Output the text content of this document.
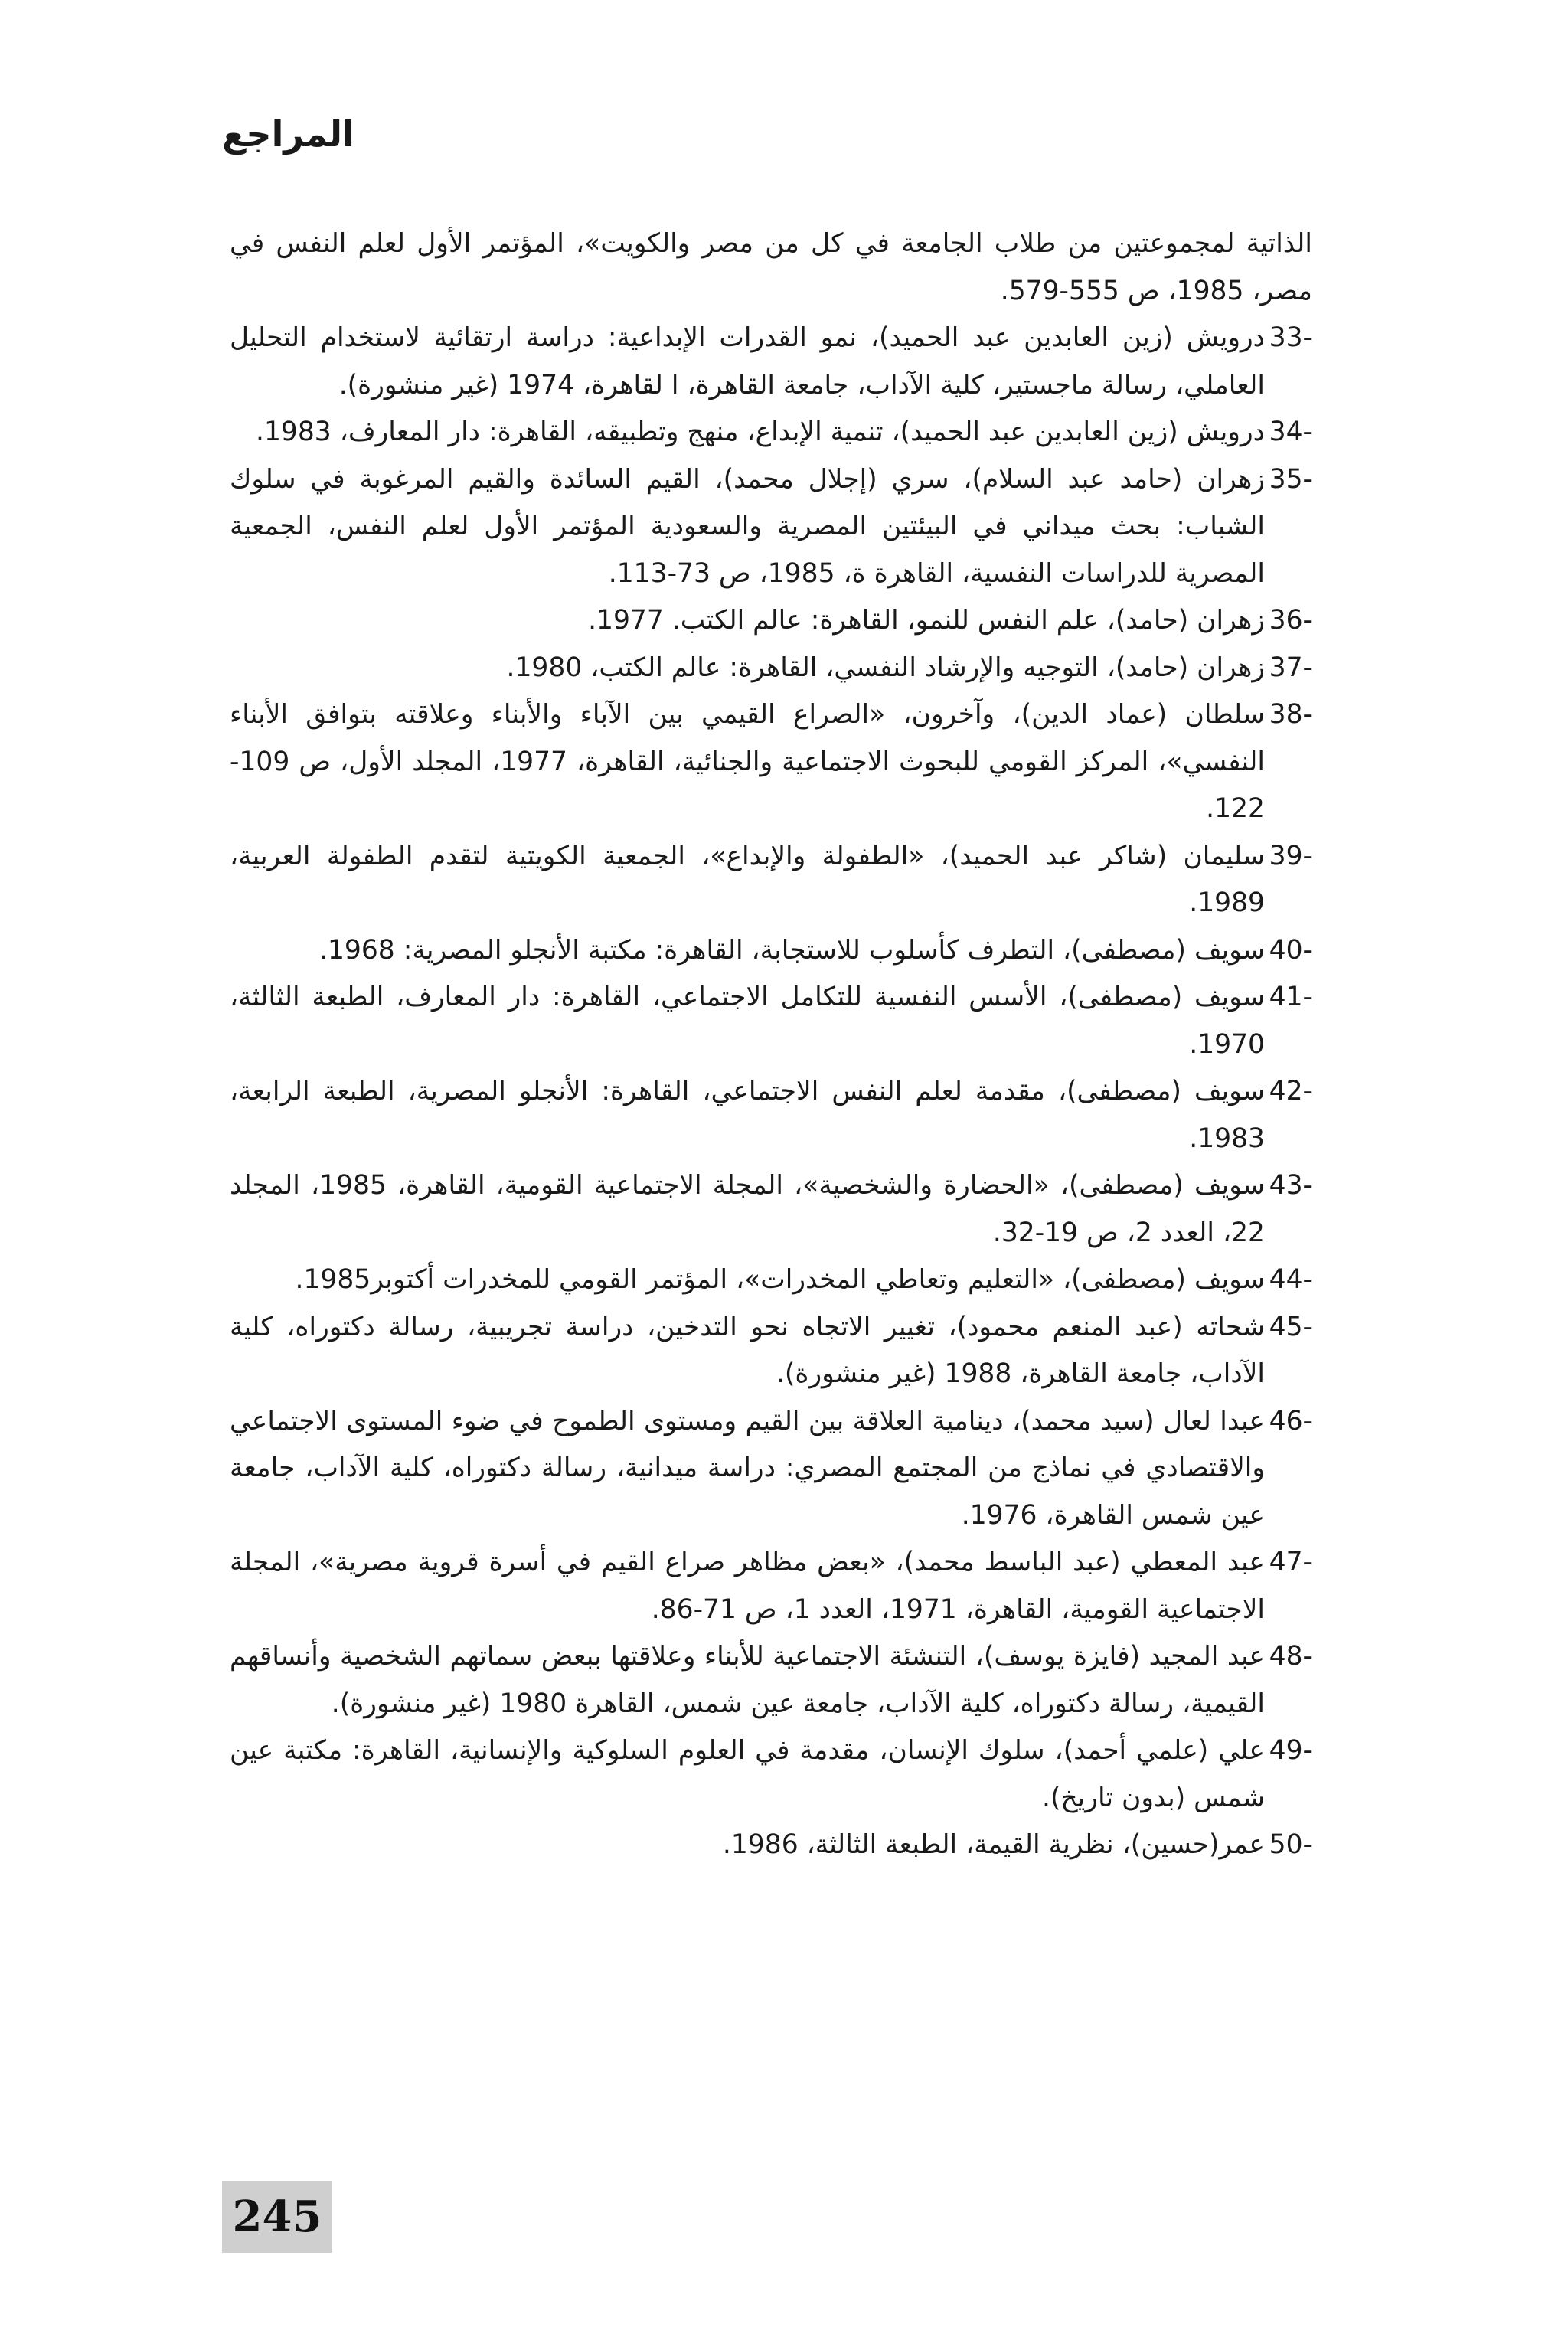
المراجع
الذاتية لمجموعتين من طلاب الجامعة في كل من مصر والكويت»، المؤتمر الأول لعلم النفس في مصر، 1985، ص 555-579.
33-
درويش (زين العابدين عبد الحميد)، نمو القدرات الإبداعية: دراسة ارتقائية لاستخدام التحليل العاملي، رسالة ماجستير، كلية الآداب، جامعة القاهرة، ا لقاهرة، 1974 (غير منشورة).
34-
درويش (زين العابدين عبد الحميد)، تنمية الإبداع، منهج وتطبيقه، القاهرة: دار المعارف، 1983.
35-
زهران (حامد عبد السلام)، سري (إجلال محمد)، القيم السائدة والقيم المرغوبة في سلوك الشباب: بحث ميداني في البيئتين المصرية والسعودية المؤتمر الأول لعلم النفس، الجمعية المصرية للدراسات النفسية، القاهرة ة، 1985، ص 73-113.
36-
زهران (حامد)، علم النفس للنمو، القاهرة: عالم الكتب. 1977.
37-
زهران (حامد)، التوجيه والإرشاد النفسي، القاهرة: عالم الكتب، 1980.
38-
سلطان (عماد الدين)، وآخرون، «الصراع القيمي بين الآباء والأبناء وعلاقته بتوافق الأبناء النفسي»، المركز القومي للبحوث الاجتماعية والجنائية، القاهرة، 1977، المجلد الأول، ص 109-122.
39-
سليمان (شاكر عبد الحميد)، «الطفولة والإبداع»، الجمعية الكويتية لتقدم الطفولة العربية، 1989.
40-
سويف (مصطفى)، التطرف كأسلوب للاستجابة، القاهرة: مكتبة الأنجلو المصرية: 1968.
41-
سويف (مصطفى)، الأسس النفسية للتكامل الاجتماعي، القاهرة: دار المعارف، الطبعة الثالثة، 1970.
42-
سويف (مصطفى)، مقدمة لعلم النفس الاجتماعي، القاهرة: الأنجلو المصرية، الطبعة الرابعة، 1983.
43-
سويف (مصطفى)، «الحضارة والشخصية»، المجلة الاجتماعية القومية، القاهرة، 1985، المجلد 22، العدد 2، ص 19-32.
44-
سويف (مصطفى)، «التعليم وتعاطي المخدرات»، المؤتمر القومي للمخدرات أكتوبر1985.
45-
شحاته (عبد المنعم محمود)، تغيير الاتجاه نحو التدخين، دراسة تجريبية، رسالة دكتوراه، كلية الآداب، جامعة القاهرة، 1988 (غير منشورة).
46-
عبدا لعال (سيد محمد)، دينامية العلاقة بين القيم ومستوى الطموح في ضوء المستوى الاجتماعي والاقتصادي في نماذج من المجتمع المصري: دراسة ميدانية، رسالة دكتوراه، كلية الآداب، جامعة عين شمس القاهرة، 1976.
47-
عبد المعطي (عبد الباسط محمد)، «بعض مظاهر صراع القيم في أسرة قروية مصرية»، المجلة الاجتماعية القومية، القاهرة، 1971، العدد 1، ص 71-86.
48-
عبد المجيد (فايزة يوسف)، التنشئة الاجتماعية للأبناء وعلاقتها ببعض سماتهم الشخصية وأنساقهم القيمية، رسالة دكتوراه، كلية الآداب، جامعة عين شمس، القاهرة 1980 (غير منشورة).
49-
علي (علمي أحمد)، سلوك الإنسان، مقدمة في العلوم السلوكية والإنسانية، القاهرة: مكتبة عين شمس (بدون تاريخ).
50-
عمر(حسين)، نظرية القيمة، الطبعة الثالثة، 1986.
245
